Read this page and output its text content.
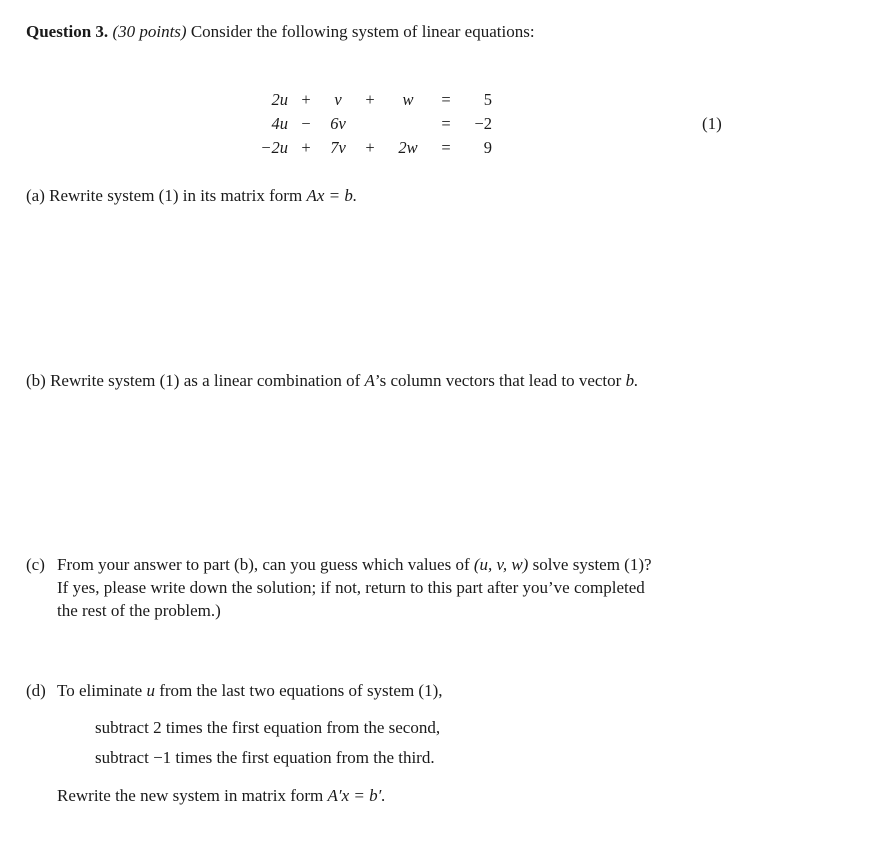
Question 3. (30 points) Consider the following system of linear equations:
2u	+	v	+	w	=	5
4u	−	6v			=	−2
−2u	+	7v	+	2w	=	9
(1)
(a) Rewrite system (1) in its matrix form Ax = b.
(b) Rewrite system (1) as a linear combination of A’s column vectors that lead to vector b.
(c) From your answer to part (b), can you guess which values of (u, v, w) solve system (1)?
If yes, please write down the solution; if not, return to this part after you’ve completed
the rest of the problem.)
(d) To eliminate u from the last two equations of system (1),
subtract 2 times the first equation from the second,
subtract −1 times the first equation from the third.
Rewrite the new system in matrix form A′x = b′.
